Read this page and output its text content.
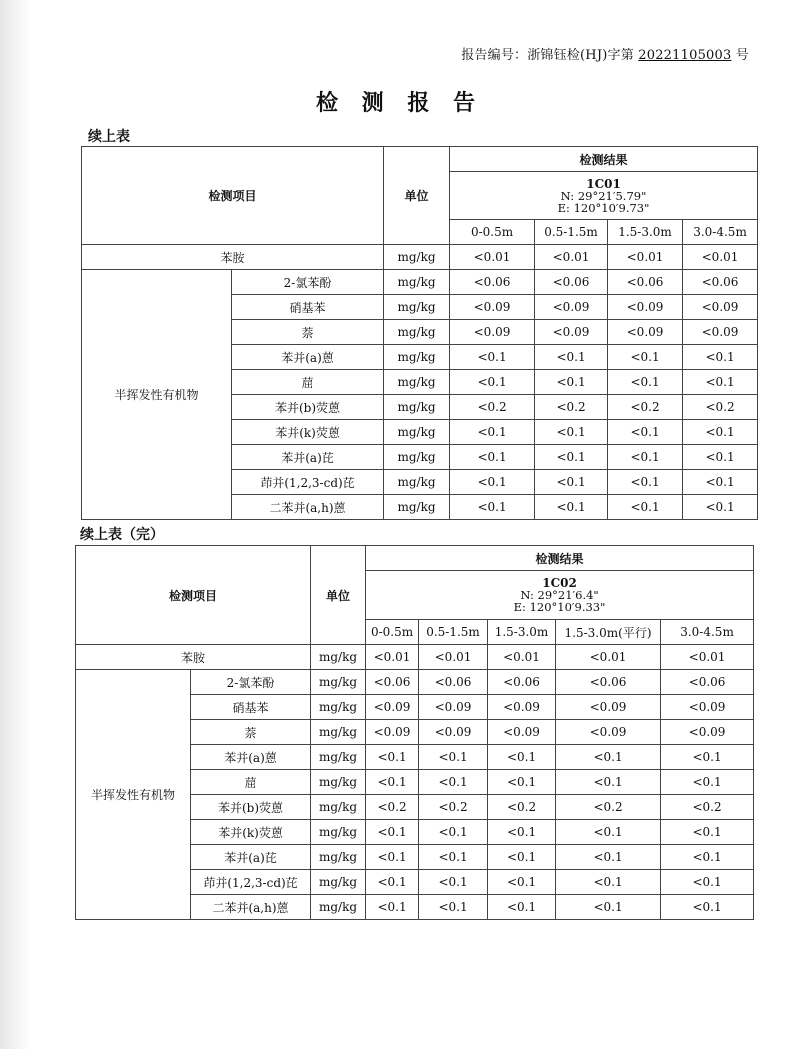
报告编号：浙锦钰检(HJ)字第 20221105003 号
检 测 报 告
续上表
检测项目		单位	检测结果			

			1C01
N: 29°21′5.79"
E: 120°10′9.73"			

			0-0.5m	0.5-1.5m	1.5-3.0m	3.0-4.5m
苯胺		mg/kg	<0.01	<0.01	<0.01	<0.01
半挥发性有机物	2-氯苯酚	mg/kg	<0.06	<0.06	<0.06	<0.06
	硝基苯	mg/kg	<0.09	<0.09	<0.09	<0.09
	萘	mg/kg	<0.09	<0.09	<0.09	<0.09
	苯并(a)蒽	mg/kg	<0.1	<0.1	<0.1	<0.1
	䓛	mg/kg	<0.1	<0.1	<0.1	<0.1
	苯并(b)荧蒽	mg/kg	<0.2	<0.2	<0.2	<0.2
	苯并(k)荧蒽	mg/kg	<0.1	<0.1	<0.1	<0.1
	苯并(a)芘	mg/kg	<0.1	<0.1	<0.1	<0.1
	茚并(1,2,3-cd)芘	mg/kg	<0.1	<0.1	<0.1	<0.1
	二苯并(a,h)蒽	mg/kg	<0.1	<0.1	<0.1	<0.1
续上表（完）
检测项目		单位	检测结果				

			1C02
N: 29°21′6.4"
E: 120°10′9.33"				

			0-0.5m	0.5-1.5m	1.5-3.0m	1.5-3.0m(平行)	3.0-4.5m
苯胺		mg/kg	<0.01	<0.01	<0.01	<0.01	<0.01
半挥发性有机物	2-氯苯酚	mg/kg	<0.06	<0.06	<0.06	<0.06	<0.06
	硝基苯	mg/kg	<0.09	<0.09	<0.09	<0.09	<0.09
	萘	mg/kg	<0.09	<0.09	<0.09	<0.09	<0.09
	苯并(a)蒽	mg/kg	<0.1	<0.1	<0.1	<0.1	<0.1
	䓛	mg/kg	<0.1	<0.1	<0.1	<0.1	<0.1
	苯并(b)荧蒽	mg/kg	<0.2	<0.2	<0.2	<0.2	<0.2
	苯并(k)荧蒽	mg/kg	<0.1	<0.1	<0.1	<0.1	<0.1
	苯并(a)芘	mg/kg	<0.1	<0.1	<0.1	<0.1	<0.1
	茚并(1,2,3-cd)芘	mg/kg	<0.1	<0.1	<0.1	<0.1	<0.1
	二苯并(a,h)蒽	mg/kg	<0.1	<0.1	<0.1	<0.1	<0.1
